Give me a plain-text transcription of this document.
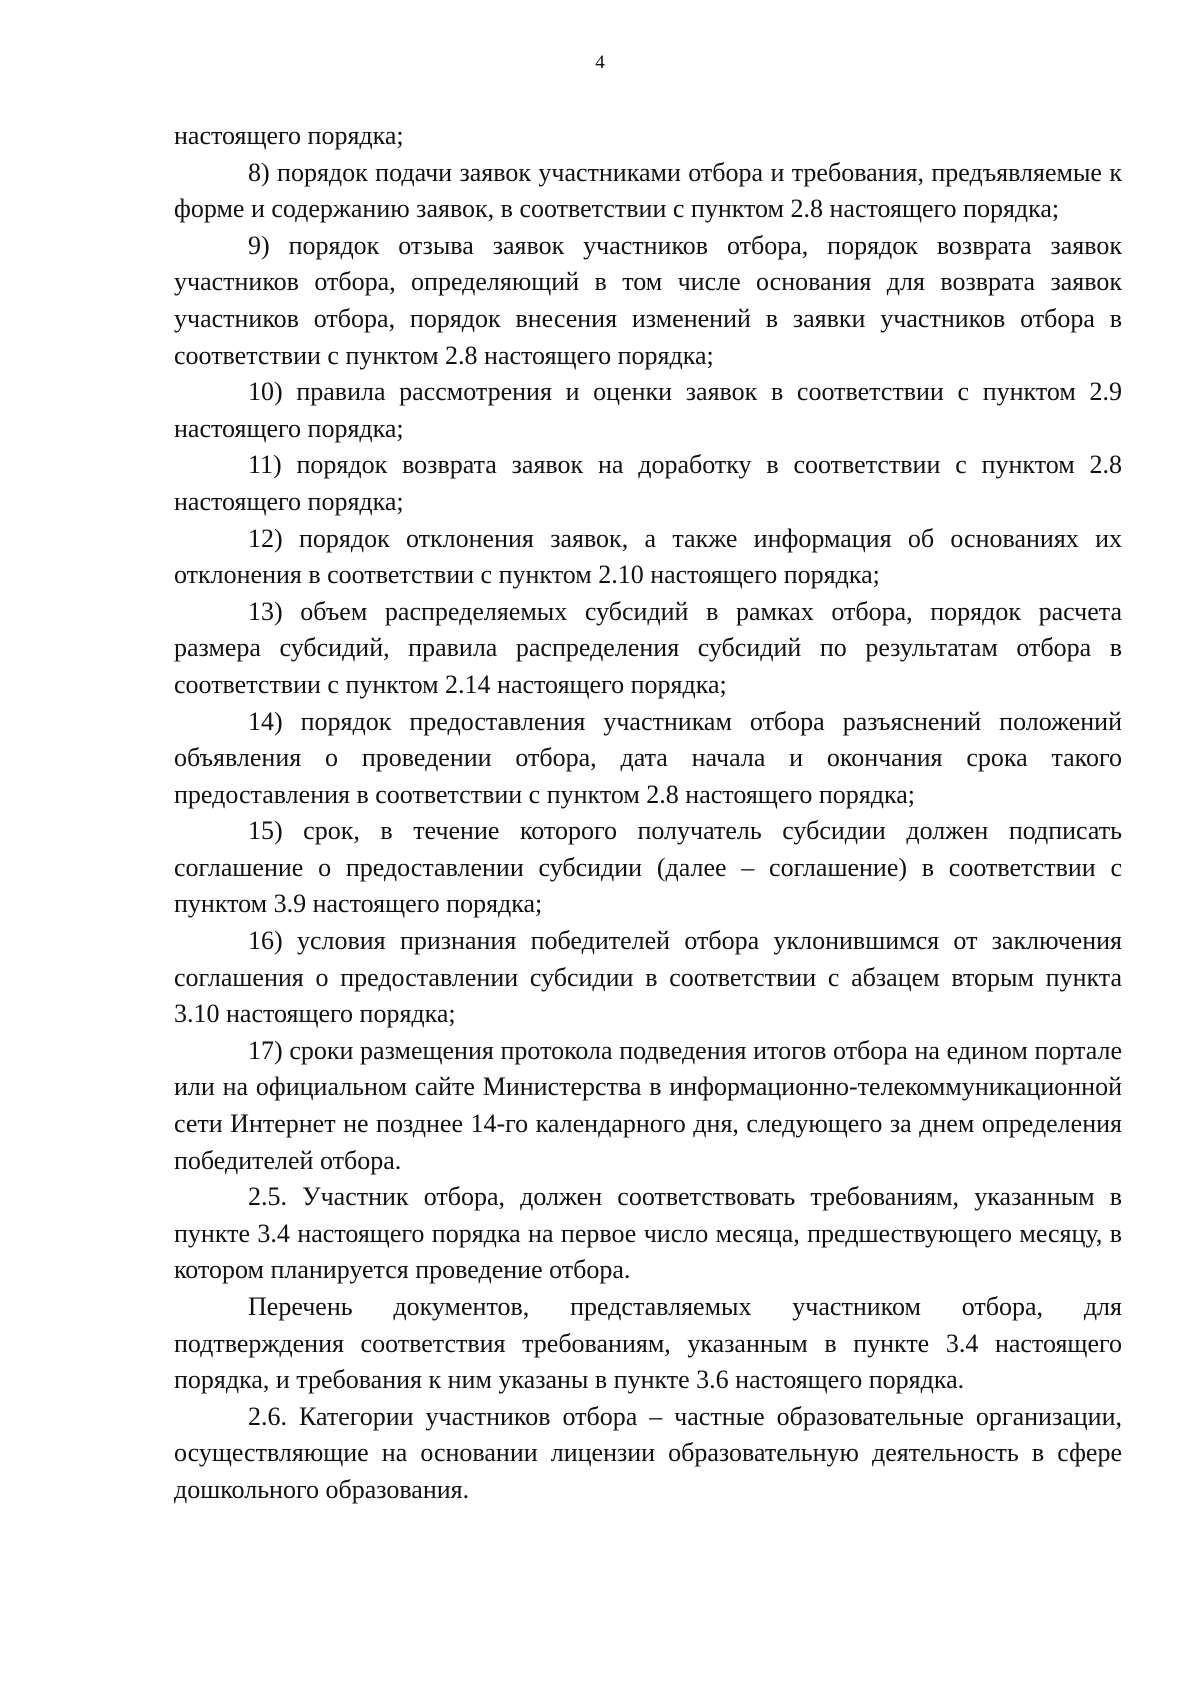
4

настоящего порядка;

8) порядок подачи заявок участниками отбора и требования, предъявляемые к форме и содержанию заявок, в соответствии с пунктом 2.8 настоящего порядка;

9) порядок отзыва заявок участников отбора, порядок возврата заявок участников отбора, определяющий в том числе основания для возврата заявок участников отбора, порядок внесения изменений в заявки участников отбора в соответствии с пунктом 2.8 настоящего порядка;

10) правила рассмотрения и оценки заявок в соответствии с пунктом 2.9 настоящего порядка;

11) порядок возврата заявок на доработку в соответствии с пунктом 2.8 настоящего порядка;

12) порядок отклонения заявок, а также информация об основаниях их отклонения в соответствии с пунктом 2.10 настоящего порядка;

13) объем распределяемых субсидий в рамках отбора, порядок расчета размера субсидий, правила распределения субсидий по результатам отбора в соответствии с пунктом 2.14 настоящего порядка;

14) порядок предоставления участникам отбора разъяснений положений объявления о проведении отбора, дата начала и окончания срока такого предоставления в соответствии с пунктом 2.8 настоящего порядка;

15) срок, в течение которого получатель субсидии должен подписать соглашение о предоставлении субсидии (далее – соглашение) в соответствии с пунктом 3.9 настоящего порядка;

16) условия признания победителей отбора уклонившимся от заключения соглашения о предоставлении субсидии в соответствии с абзацем вторым пункта 3.10 настоящего порядка;

17) сроки размещения протокола подведения итогов отбора на едином портале или на официальном сайте Министерства в информационно-телекоммуникационной сети Интернет не позднее 14-го календарного дня, следующего за днем определения победителей отбора.

2.5. Участник отбора, должен соответствовать требованиям, указанным в пункте 3.4 настоящего порядка на первое число месяца, предшествующего месяцу, в котором планируется проведение отбора.

Перечень документов, представляемых участником отбора, для подтверждения соответствия требованиям, указанным в пункте 3.4 настоящего порядка, и требования к ним указаны в пункте 3.6 настоящего порядка.

2.6. Категории участников отбора – частные образовательные организации, осуществляющие на основании лицензии образовательную деятельность в сфере дошкольного образования.
